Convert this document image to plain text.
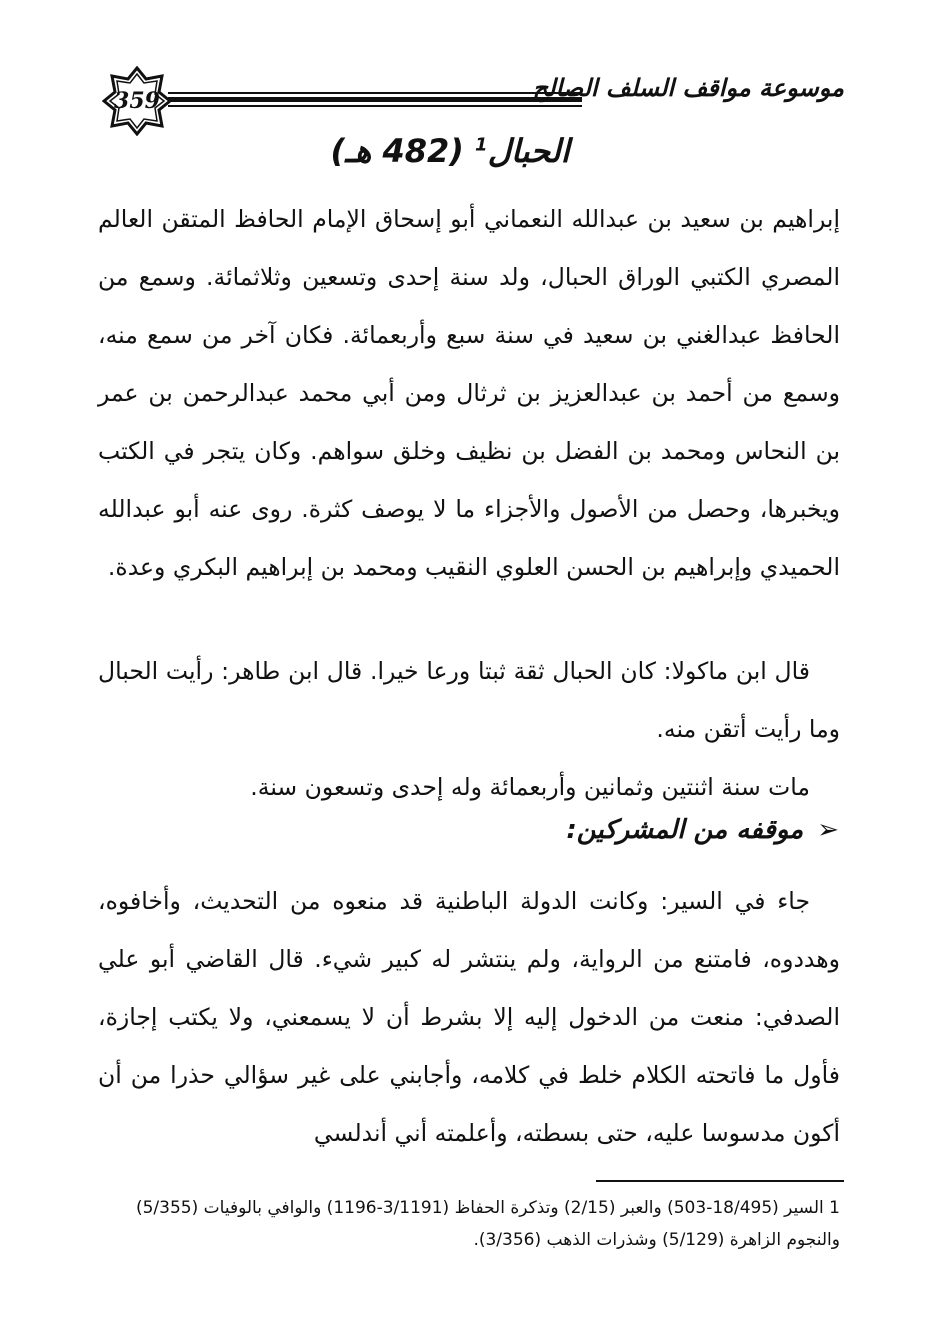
359	موسوعة مواقف السلف الصالح
الحبال$^1$ (482 هـ)
إبراهيم بن سعيد بن عبدالله النعماني أبو إسحاق الإمام الحافظ المتقن العالم المصري الكتبي الوراق الحبال، ولد سنة إحدى وتسعين وثلاثمائة. وسمع من الحافظ عبدالغني بن سعيد في سنة سبع وأربعمائة. فكان آخر من سمع منه، وسمع من أحمد بن عبدالعزيز بن ثرثال ومن أبي محمد عبدالرحمن بن عمر بن النحاس ومحمد بن الفضل بن نظيف وخلق سواهم. وكان يتجر في الكتب ويخبرها، وحصل من الأصول والأجزاء ما لا يوصف كثرة. روى عنه أبو عبدالله الحميدي وإبراهيم بن الحسن العلوي النقيب ومحمد بن إبراهيم البكري وعدة.
قال ابن ماكولا: كان الحبال ثقة ثبتا ورعا خيرا. قال ابن طاهر: رأيت الحبال وما رأيت أتقن منه.
مات سنة اثنتين وثمانين وأربعمائة وله إحدى وتسعون سنة.
➢موقفه من المشركين:
جاء في السير: وكانت الدولة الباطنية قد منعوه من التحديث، وأخافوه، وهددوه، فامتنع من الرواية، ولم ينتشر له كبير شيء. قال القاضي أبو علي الصدفي: منعت من الدخول إليه إلا بشرط أن لا يسمعني، ولا يكتب إجازة، فأول ما فاتحته الكلام خلط في كلامه، وأجابني على غير سؤالي حذرا من أن أكون مدسوسا عليه، حتى بسطته، وأعلمته أني أندلسي
1 السير (18/495-503) والعبر (2/15) وتذكرة الحفاظ (3/1191-1196) والوافي بالوفيات (5/355)
والنجوم الزاهرة (5/129) وشذرات الذهب (3/356).
